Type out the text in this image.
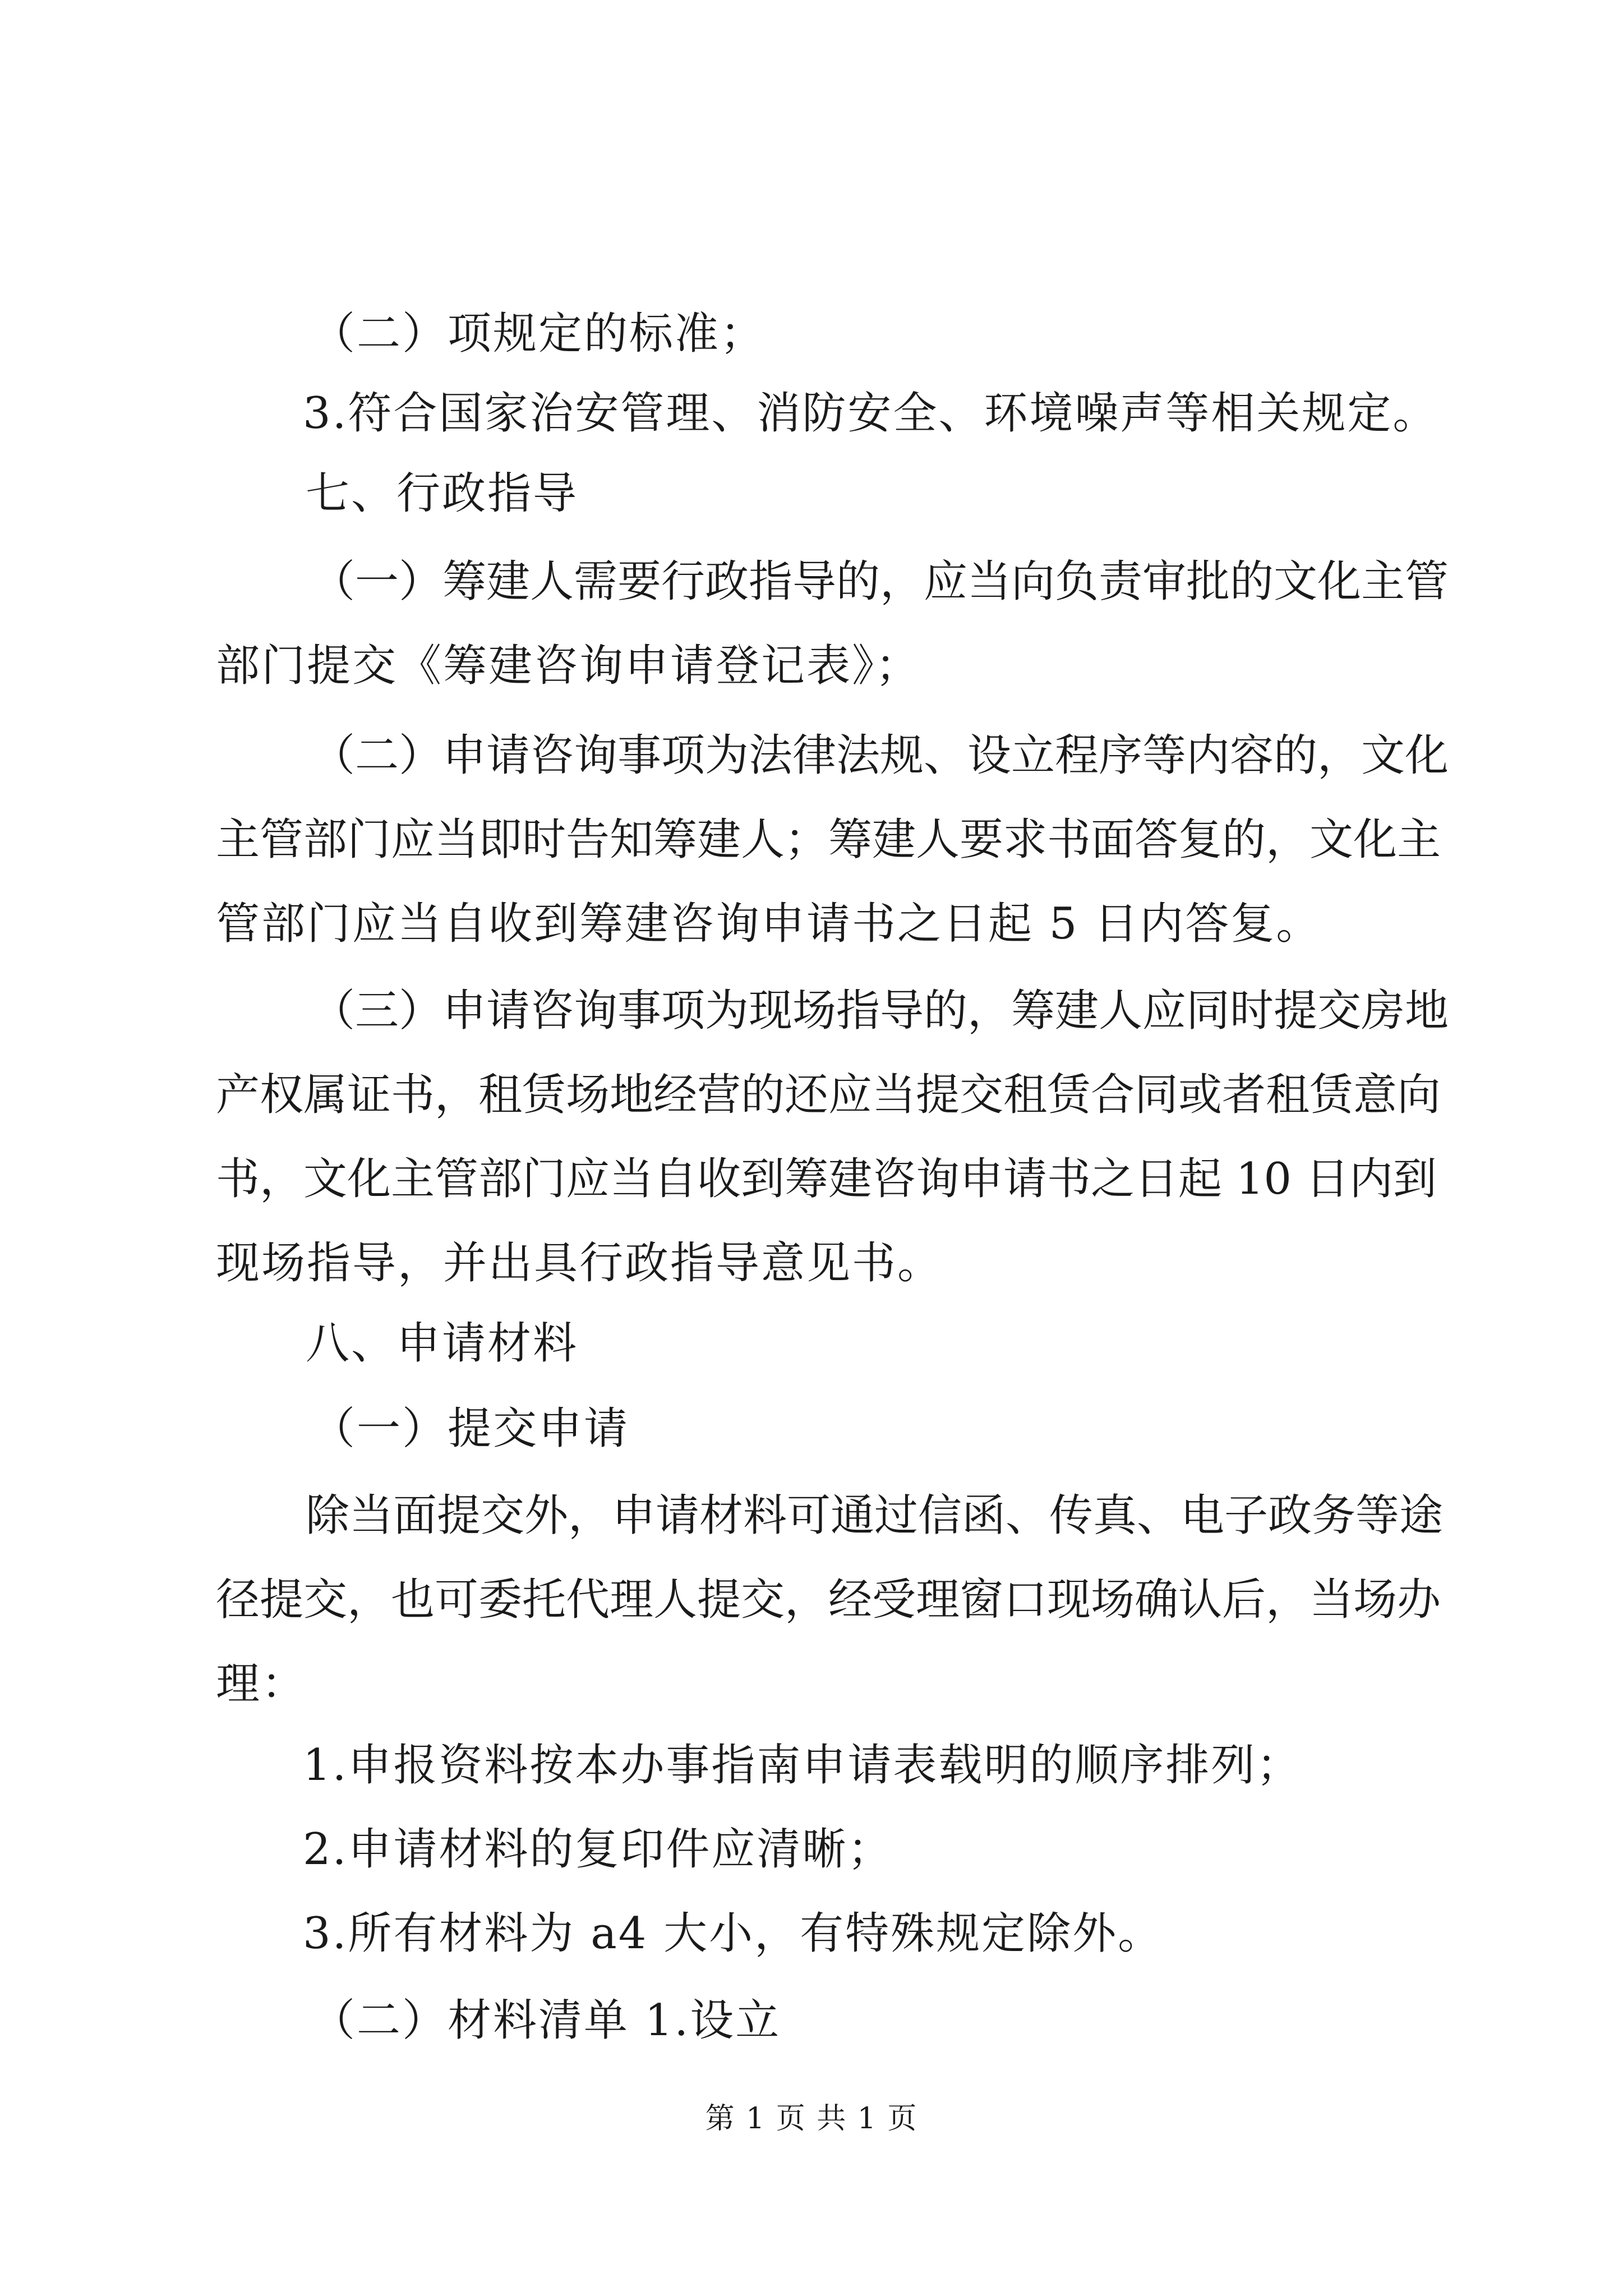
（二）项规定的标准；
3.符合国家治安管理、消防安全、环境噪声等相关规定。
七、行政指导
（一）筹建人需要行政指导的，应当向负责审批的文化主管
部门提交《筹建咨询申请登记表》；
（二）申请咨询事项为法律法规、设立程序等内容的，文化
主管部门应当即时告知筹建人；筹建人要求书面答复的，文化主
管部门应当自收到筹建咨询申请书之日起 5 日内答复。
（三）申请咨询事项为现场指导的，筹建人应同时提交房地
产权属证书，租赁场地经营的还应当提交租赁合同或者租赁意向
书，文化主管部门应当自收到筹建咨询申请书之日起 10 日内到
现场指导，并出具行政指导意见书。
八、申请材料
（一）提交申请
除当面提交外，申请材料可通过信函、传真、电子政务等途
径提交，也可委托代理人提交，经受理窗口现场确认后，当场办
理：
1.申报资料按本办事指南申请表载明的顺序排列；
2.申请材料的复印件应清晰；
3.所有材料为 a4 大小，有特殊规定除外。
（二）材料清单 1.设立
第 1 页 共 1 页
